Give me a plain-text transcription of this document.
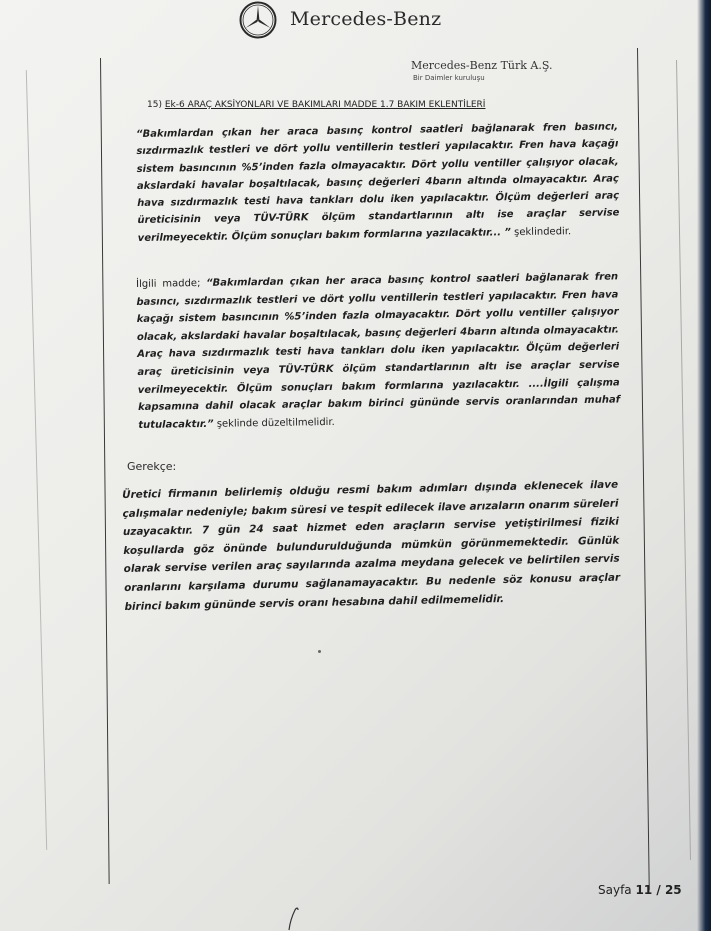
Mercedes-Benz
Mercedes-Benz Türk A.Ş.
Bir Daimler kuruluşu
15) Ek-6 ARAÇ AKSİYONLARI VE BAKIMLARI MADDE 1.7 BAKIM EKLENTİLERİ
“Bakımlardan çıkan her araca basınç kontrol saatleri bağlanarak fren basıncı, sızdırmazlık testleri ve dört yollu ventillerin testleri yapılacaktır. Fren hava kaçağı sistem basıncının %5’inden fazla olmayacaktır. Dört yollu ventiller çalışıyor olacak, akslardaki havalar boşaltılacak, basınç değerleri 4barın altında olmayacaktır. Araç hava sızdırmazlık testi hava tankları dolu iken yapılacaktır. Ölçüm değerleri araç üreticisinin veya TÜV-TÜRK ölçüm standartlarının altı ise araçlar servise verilmeyecektir. Ölçüm sonuçları bakım formlarına yazılacaktır... ” şeklindedir.
İlgili madde; “Bakımlardan çıkan her araca basınç kontrol saatleri bağlanarak fren basıncı, sızdırmazlık testleri ve dört yollu ventillerin testleri yapılacaktır. Fren hava kaçağı sistem basıncının %5’inden fazla olmayacaktır. Dört yollu ventiller çalışıyor olacak, akslardaki havalar boşaltılacak, basınç değerleri 4barın altında olmayacaktır. Araç hava sızdırmazlık testi hava tankları dolu iken yapılacaktır. Ölçüm değerleri araç üreticisinin veya TÜV-TÜRK ölçüm standartlarının altı ise araçlar servise verilmeyecektir. Ölçüm sonuçları bakım formlarına yazılacaktır. ....İlgili çalışma kapsamına dahil olacak araçlar bakım birinci gününde servis oranlarından muhaf tutulacaktır.” şeklinde düzeltilmelidir.
Gerekçe:
Üretici firmanın belirlemiş olduğu resmi bakım adımları dışında eklenecek ilave çalışmalar nedeniyle; bakım süresi ve tespit edilecek ilave arızaların onarım süreleri uzayacaktır. 7 gün 24 saat hizmet eden araçların servise yetiştirilmesi fiziki koşullarda göz önünde bulundurulduğunda mümkün görünmemektedir. Günlük olarak servise verilen araç sayılarında azalma meydana gelecek ve belirtilen servis oranlarını karşılama durumu sağlanamayacaktır. Bu nedenle söz konusu araçlar birinci bakım gününde servis oranı hesabına dahil edilmemelidir.
Sayfa 11 / 25
